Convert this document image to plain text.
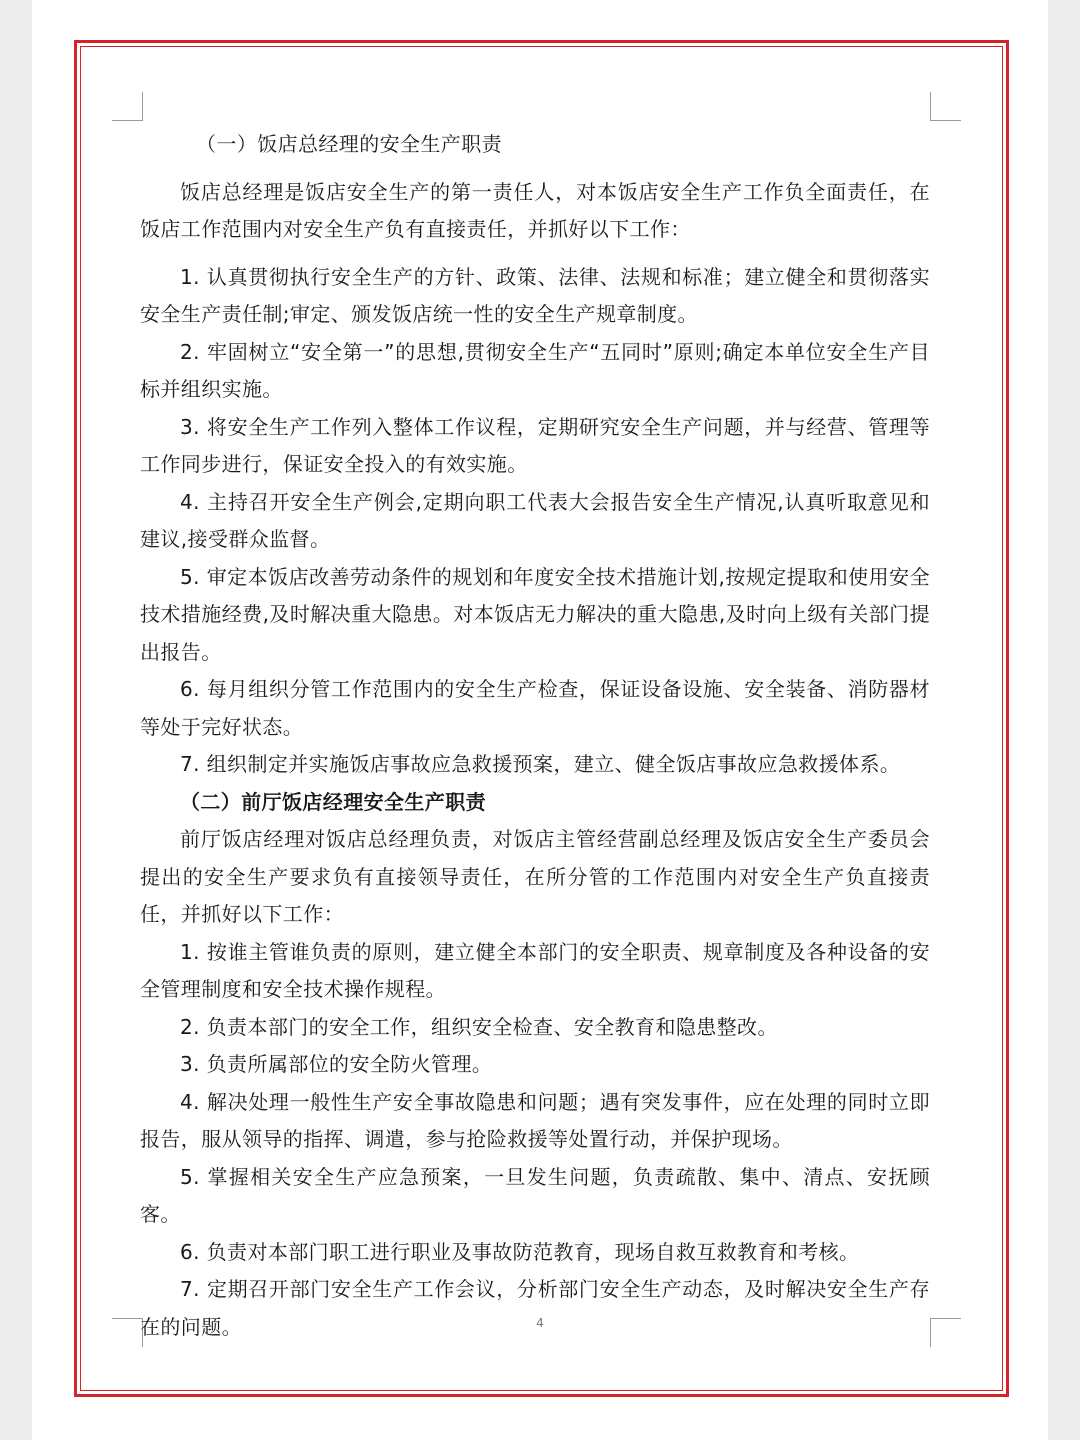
（一）饭店总经理的安全生产职责

饭店总经理是饭店安全生产的第一责任人，对本饭店安全生产工作负全面责任，在饭店工作范围内对安全生产负有直接责任，并抓好以下工作：

1. 认真贯彻执行安全生产的方针、政策、法律、法规和标准；建立健全和贯彻落实安全生产责任制;审定、颁发饭店统一性的安全生产规章制度。

2. 牢固树立“安全第一”的思想,贯彻安全生产“五同时”原则;确定本单位安全生产目标并组织实施。

3. 将安全生产工作列入整体工作议程，定期研究安全生产问题，并与经营、管理等工作同步进行，保证安全投入的有效实施。

4. 主持召开安全生产例会,定期向职工代表大会报告安全生产情况,认真听取意见和建议,接受群众监督。

5. 审定本饭店改善劳动条件的规划和年度安全技术措施计划,按规定提取和使用安全技术措施经费,及时解决重大隐患。对本饭店无力解决的重大隐患,及时向上级有关部门提出报告。

6. 每月组织分管工作范围内的安全生产检查，保证设备设施、安全装备、消防器材等处于完好状态。

7. 组织制定并实施饭店事故应急救援预案，建立、健全饭店事故应急救援体系。

（二）前厅饭店经理安全生产职责

前厅饭店经理对饭店总经理负责，对饭店主管经营副总经理及饭店安全生产委员会提出的安全生产要求负有直接领导责任，在所分管的工作范围内对安全生产负直接责任，并抓好以下工作：

1. 按谁主管谁负责的原则，建立健全本部门的安全职责、规章制度及各种设备的安全管理制度和安全技术操作规程。

2. 负责本部门的安全工作，组织安全检查、安全教育和隐患整改。

3. 负责所属部位的安全防火管理。

4. 解决处理一般性生产安全事故隐患和问题；遇有突发事件，应在处理的同时立即报告，服从领导的指挥、调遣，参与抢险救援等处置行动，并保护现场。

5. 掌握相关安全生产应急预案，一旦发生问题，负责疏散、集中、清点、安抚顾客。

6. 负责对本部门职工进行职业及事故防范教育，现场自救互救教育和考核。

7. 定期召开部门安全生产工作会议，分析部门安全生产动态，及时解决安全生产存在的问题。	4
